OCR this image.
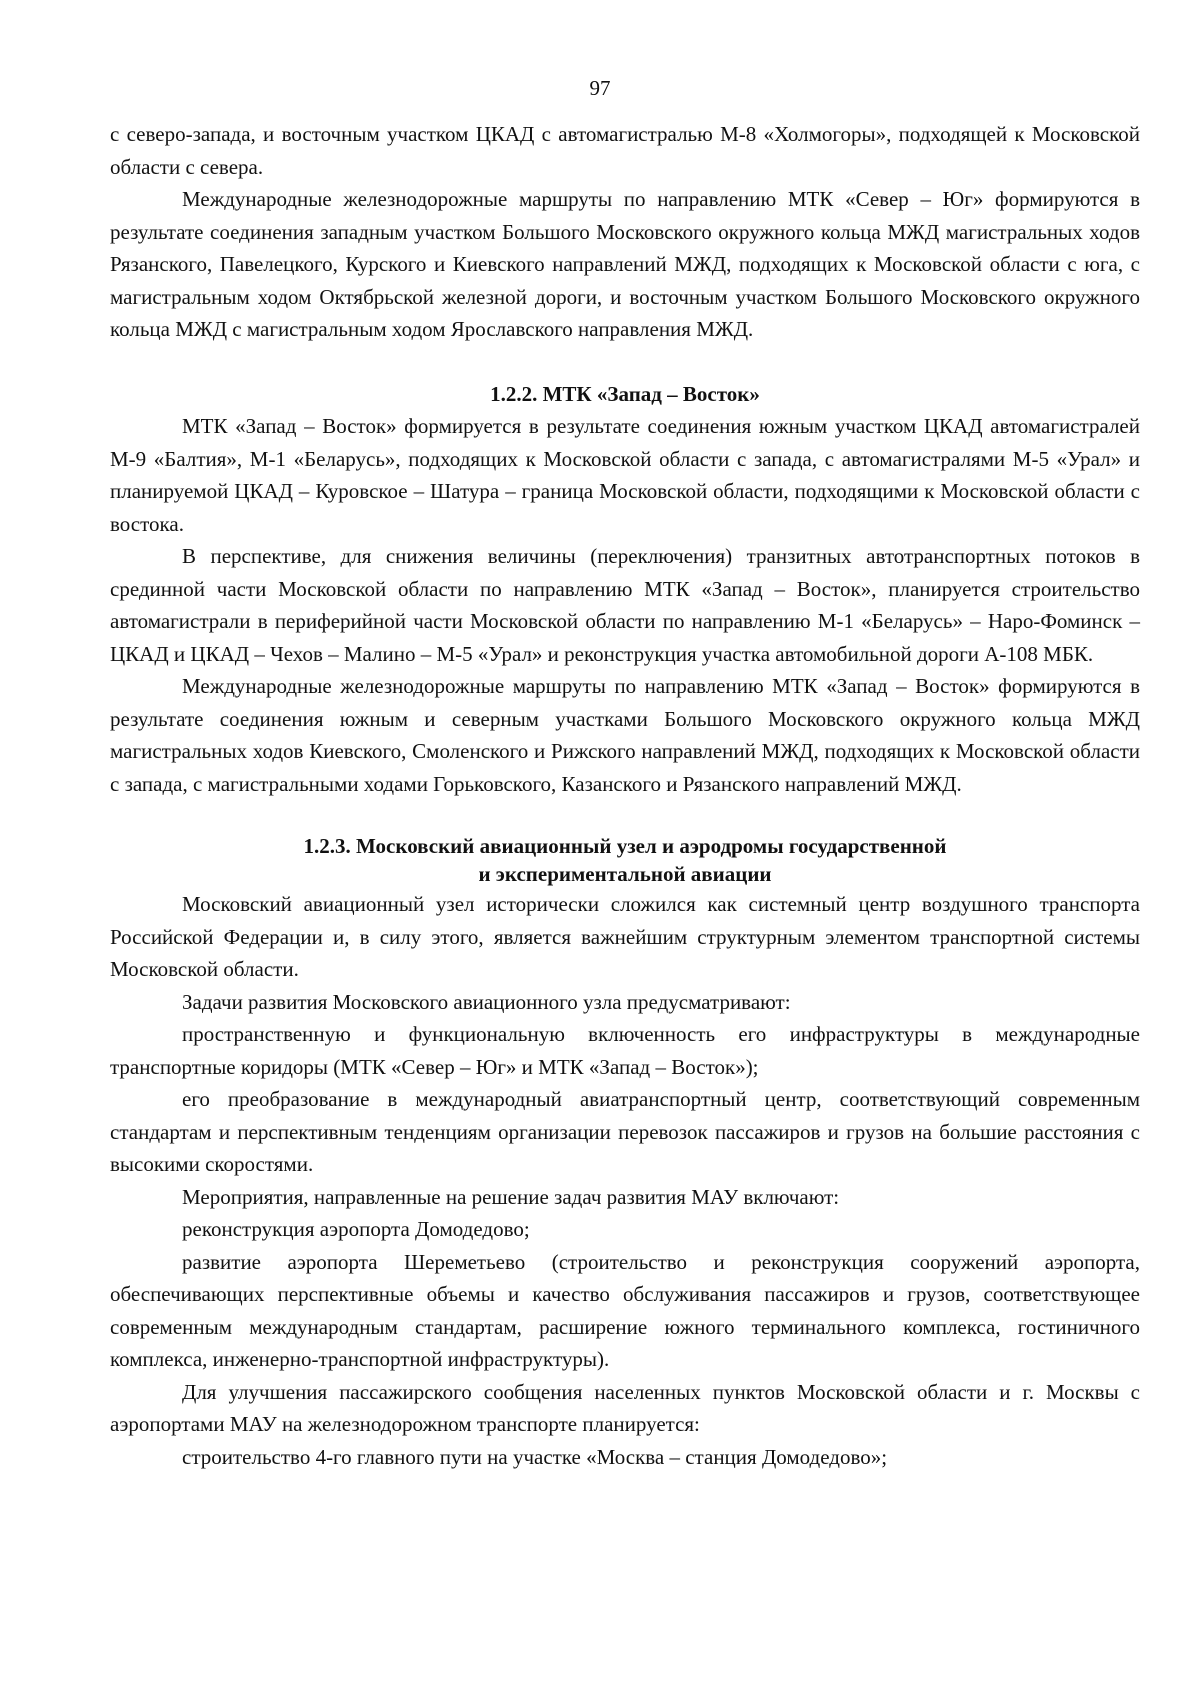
97

с северо-запада, и восточным участком ЦКАД с автомагистралью М-8 «Холмогоры», подходящей к Московской области с севера.

Международные железнодорожные маршруты по направлению МТК «Север – Юг» формируются в результате соединения западным участком Большого Московского окружного кольца МЖД магистральных ходов Рязанского, Павелецкого, Курского и Киевского направлений МЖД, подходящих к Московской области с юга, с магистральным ходом Октябрьской железной дороги, и восточным участком Большого Московского окружного кольца МЖД с магистральным ходом Ярославского направления МЖД.

1.2.2. МТК «Запад – Восток»

МТК «Запад – Восток» формируется в результате соединения южным участком ЦКАД автомагистралей М-9 «Балтия», М-1 «Беларусь», подходящих к Московской области с запада, с автомагистралями М-5 «Урал» и планируемой ЦКАД – Куровское – Шатура – граница Московской области, подходящими к Московской области с востока.

В перспективе, для снижения величины (переключения) транзитных автотранспортных потоков в срединной части Московской области по направлению МТК «Запад – Восток», планируется строительство автомагистрали в периферийной части Московской области по направлению М-1 «Беларусь» – Наро-Фоминск – ЦКАД и ЦКАД – Чехов – Малино – М-5 «Урал» и реконструкция участка автомобильной дороги А-108 МБК.

Международные железнодорожные маршруты по направлению МТК «Запад – Восток» формируются в результате соединения южным и северным участками Большого Московского окружного кольца МЖД магистральных ходов Киевского, Смоленского и Рижского направлений МЖД, подходящих к Московской области с запада, с магистральными ходами Горьковского, Казанского и Рязанского направлений МЖД.

1.2.3. Московский авиационный узел и аэродромы государственной

и экспериментальной авиации

Московский авиационный узел исторически сложился как системный центр воздушного транспорта Российской Федерации и, в силу этого, является важнейшим структурным элементом транспортной системы Московской области.

Задачи развития Московского авиационного узла предусматривают:

пространственную и функциональную включенность его инфраструктуры в международные транспортные коридоры (МТК «Север – Юг» и МТК «Запад – Восток»);

его преобразование в международный авиатранспортный центр, соответствующий современным стандартам и перспективным тенденциям организации перевозок пассажиров и грузов на большие расстояния с высокими скоростями.

Мероприятия, направленные на решение задач развития МАУ включают:

реконструкция аэропорта Домодедово;

развитие аэропорта Шереметьево (строительство и реконструкция сооружений аэропорта, обеспечивающих перспективные объемы и качество обслуживания пассажиров и грузов, соответствующее современным международным стандартам, расширение южного терминального комплекса, гостиничного комплекса, инженерно-транспортной инфраструктуры).

Для улучшения пассажирского сообщения населенных пунктов Московской области и г. Москвы с аэропортами МАУ на железнодорожном транспорте планируется:

строительство 4-го главного пути на участке «Москва – станция Домодедово»;
